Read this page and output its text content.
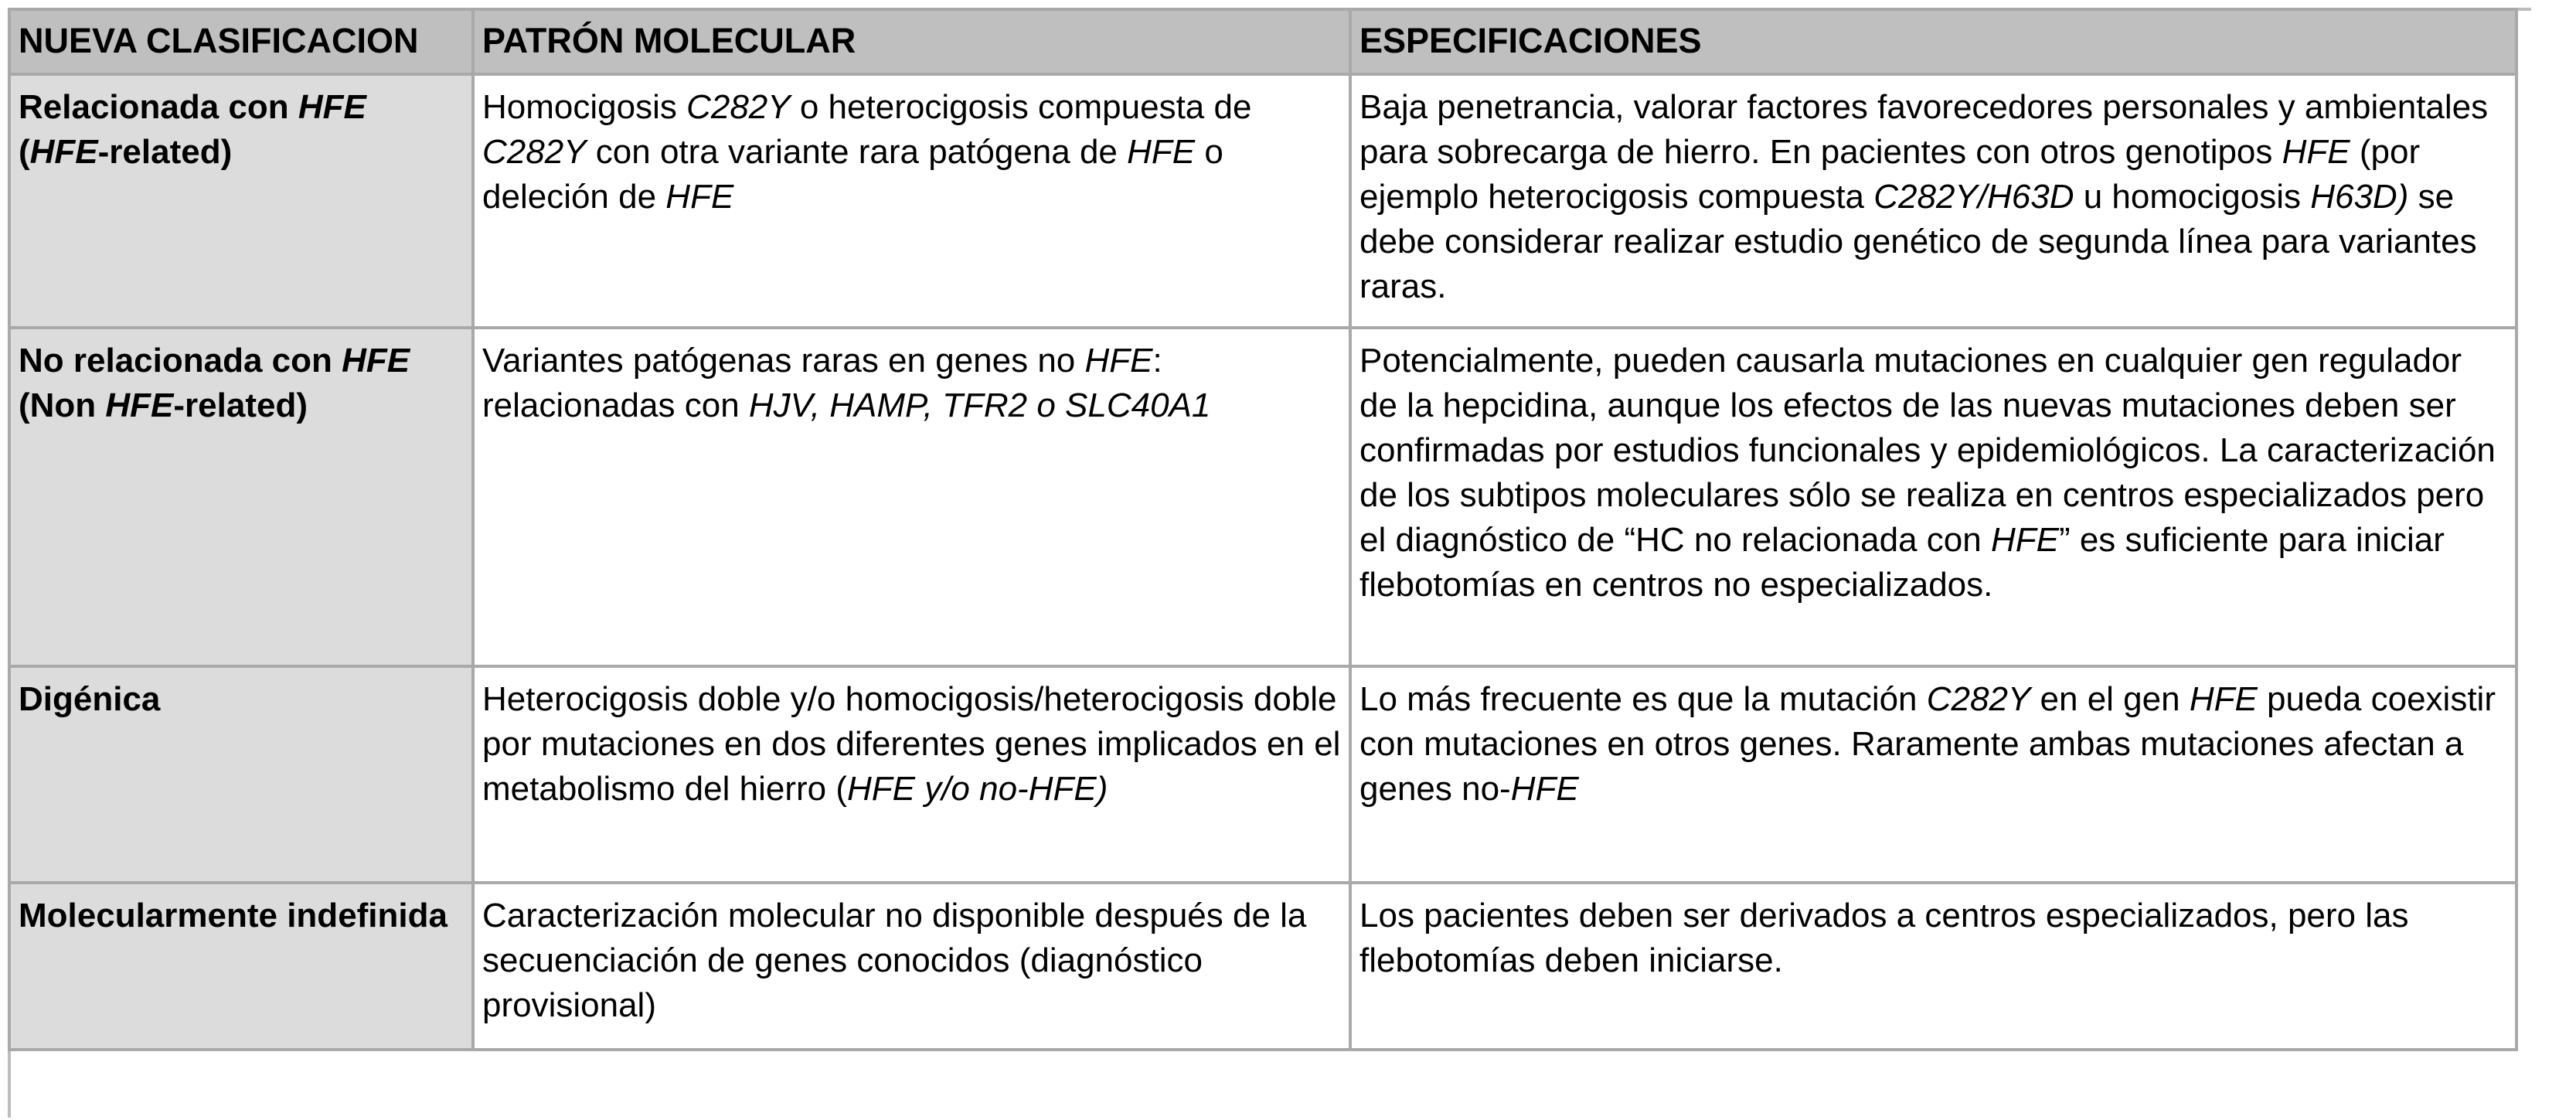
NUEVA CLASIFICACION	PATRÓN MOLECULAR	ESPECIFICACIONES
Relacionada con HFE (HFE-related)	Homocigosis C282Y o heterocigosis compuesta de C282Y con otra variante rara patógena de HFE o deleción de HFE	Baja penetrancia, valorar factores favorecedores personales y ambientales para sobrecarga de hierro. En pacientes con otros genotipos HFE (por ejemplo heterocigosis compuesta C282Y/H63D u homocigosis H63D) se debe considerar realizar estudio genético de segunda línea para variantes raras.
No relacionada con HFE (Non HFE-related)	Variantes patógenas raras en genes no HFE: relacionadas con HJV, HAMP, TFR2 o SLC40A1	Potencialmente, pueden causarla mutaciones en cualquier gen regulador de la hepcidina, aunque los efectos de las nuevas mutaciones deben ser confirmadas por estudios funcionales y epidemiológicos. La caracterización de los subtipos moleculares sólo se realiza en centros especializados pero el diagnóstico de “HC no relacionada con HFE” es suficiente para iniciar flebotomías en centros no especializados.
Digénica	Heterocigosis doble y/o homocigosis/heterocigosis doble por mutaciones en dos diferentes genes implicados en el metabolismo del hierro (HFE y/o no-HFE)	Lo más frecuente es que la mutación C282Y en el gen HFE pueda coexistir con mutaciones en otros genes. Raramente ambas mutaciones afectan a genes no-HFE
Molecularmente indefinida	Caracterización molecular no disponible después de la secuenciación de genes conocidos (diagnóstico provisional)	Los pacientes deben ser derivados a centros especializados, pero las flebotomías deben iniciarse.
